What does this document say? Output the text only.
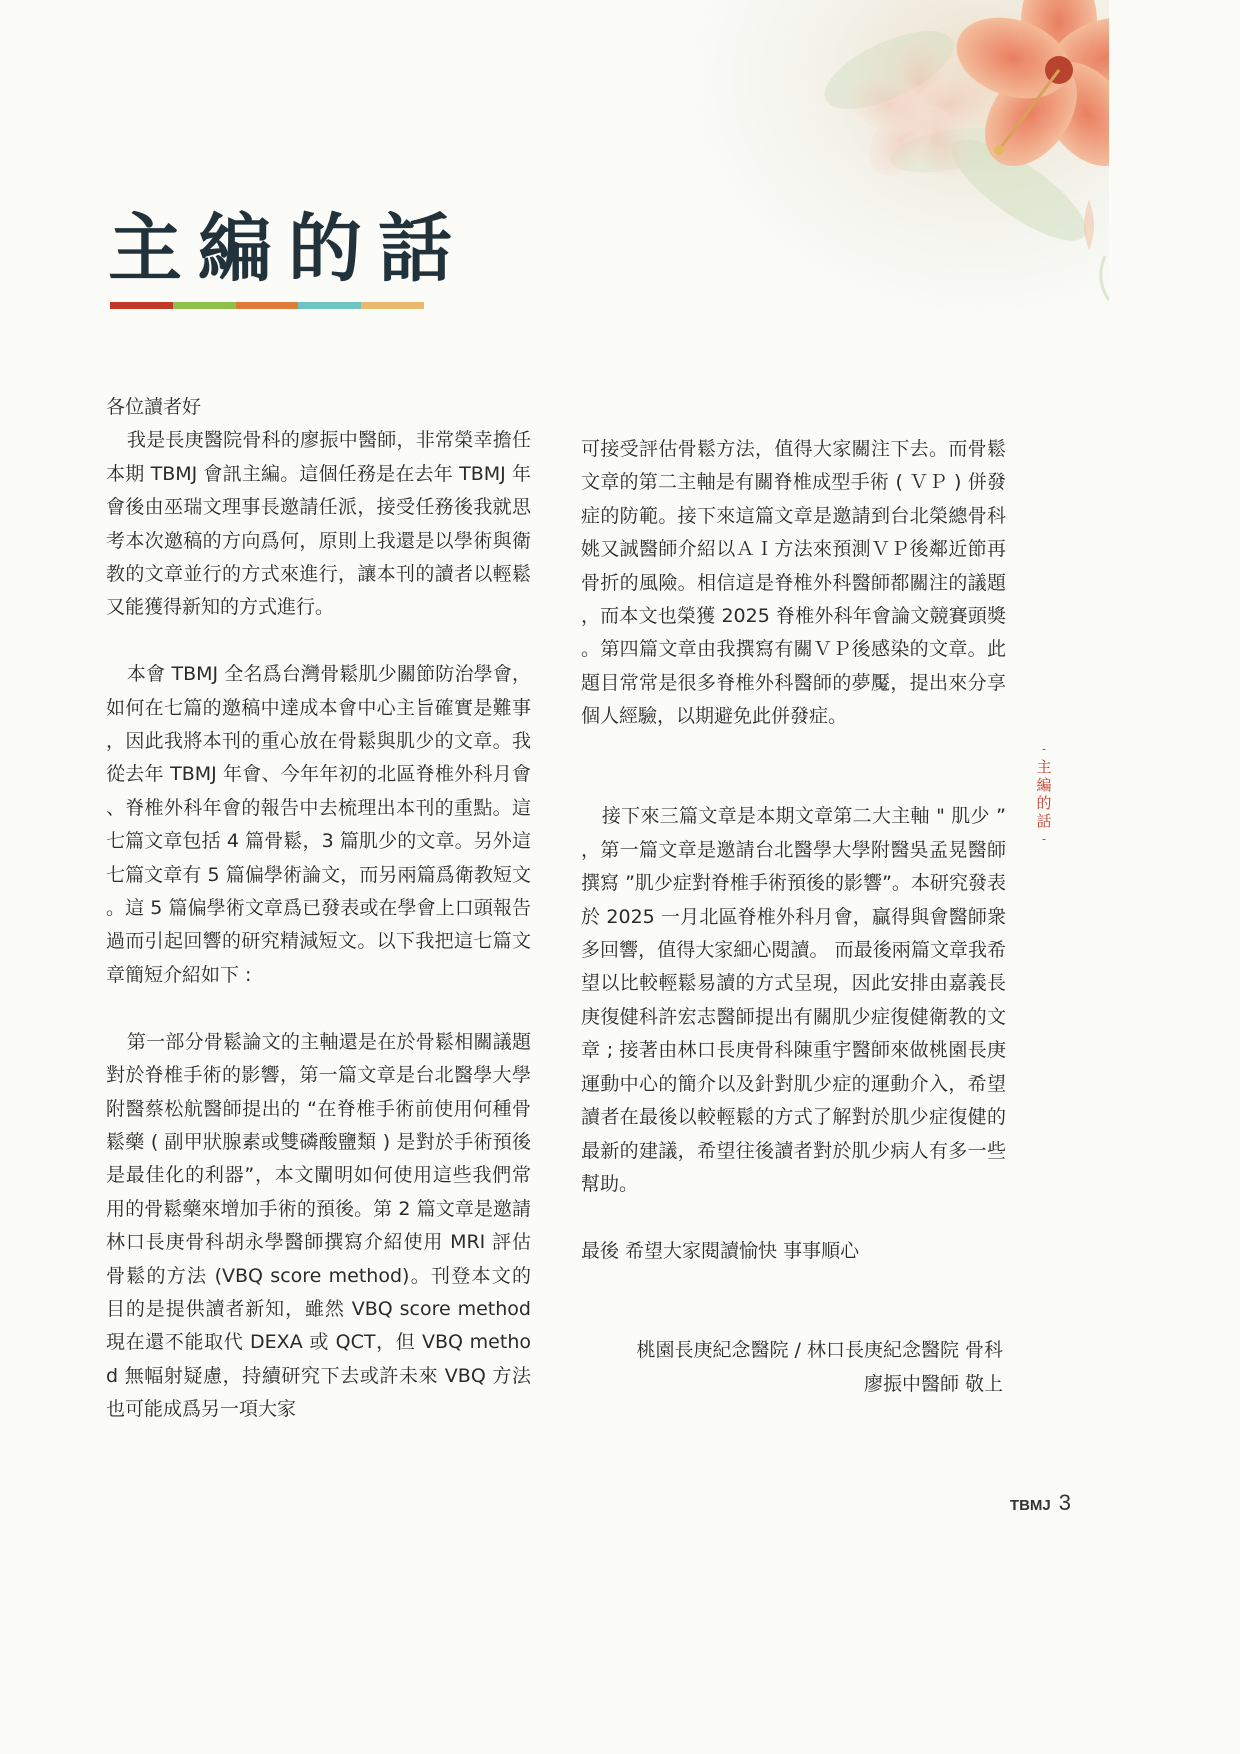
主編的話

各位讀者好

我是長庚醫院骨科的廖振中醫師，非常榮幸擔任本期 TBMJ 會訊主編。這個任務是在去年 TBMJ 年會後由巫瑞文理事長邀請任派，接受任務後我就思考本次邀稿的方向爲何，原則上我還是以學術與衛教的文章並行的方式來進行，讓本刊的讀者以輕鬆又能獲得新知的方式進行。

本會 TBMJ 全名爲台灣骨鬆肌少關節防治學會，如何在七篇的邀稿中達成本會中心主旨確實是難事，因此我將本刊的重心放在骨鬆與肌少的文章。我從去年 TBMJ 年會、今年年初的北區脊椎外科月會、脊椎外科年會的報告中去梳理出本刊的重點。這七篇文章包括 4 篇骨鬆，3 篇肌少的文章。另外這七篇文章有 5 篇偏學術論文，而另兩篇爲衛教短文。這 5 篇偏學術文章爲已發表或在學會上口頭報告過而引起回響的研究精減短文。以下我把這七篇文章簡短介紹如下 :

第一部分骨鬆論文的主軸還是在於骨鬆相關議題對於脊椎手術的影響，第一篇文章是台北醫學大學附醫蔡松航醫師提出的 “在脊椎手術前使用何種骨鬆藥 ( 副甲狀腺素或雙磷酸鹽類 ) 是對於手術預後是最佳化的利器”，本文闡明如何使用這些我們常用的骨鬆藥來增加手術的預後。第 2 篇文章是邀請林口長庚骨科胡永學醫師撰寫介紹使用 MRI 評估骨鬆的方法 (VBQ score method)。刊登本文的目的是提供讀者新知，雖然 VBQ score method 現在還不能取代 DEXA 或 QCT，但 VBQ method 無幅射疑慮，持續研究下去或許未來 VBQ 方法也可能成爲另一項大家

可接受評估骨鬆方法，值得大家關注下去。而骨鬆文章的第二主軸是有關脊椎成型手術 ( ＶＰ ) 併發症的防範。接下來這篇文章是邀請到台北榮總骨科姚又誠醫師介紹以ＡＩ方法來預測ＶＰ後鄰近節再骨折的風險。相信這是脊椎外科醫師都關注的議題，而本文也榮獲 2025 脊椎外科年會論文競賽頭獎。第四篇文章由我撰寫有關ＶＰ後感染的文章。此題目常常是很多脊椎外科醫師的夢魘，提出來分享個人經驗，以期避免此併發症。

接下來三篇文章是本期文章第二大主軸 " 肌少 ”，第一篇文章是邀請台北醫學大學附醫吳孟晃醫師撰寫 ”肌少症對脊椎手術預後的影響”。本研究發表於 2025 一月北區脊椎外科月會，贏得與會醫師衆多回響，值得大家細心閱讀。 而最後兩篇文章我希望以比較輕鬆易讀的方式呈現，因此安排由嘉義長庚復健科許宏志醫師提出有關肌少症復健衛教的文章 ; 接著由林口長庚骨科陳重宇醫師來做桃園長庚運動中心的簡介以及針對肌少症的運動介入，希望讀者在最後以較輕鬆的方式了解對於肌少症復健的最新的建議，希望往後讀者對於肌少病人有多一些幫助。

最後 希望大家閱讀愉快 事事順心

桃園長庚紀念醫院 / 林口長庚紀念醫院 骨科
廖振中醫師 敬上
-
主
編
的
話
-
TBMJ 3
